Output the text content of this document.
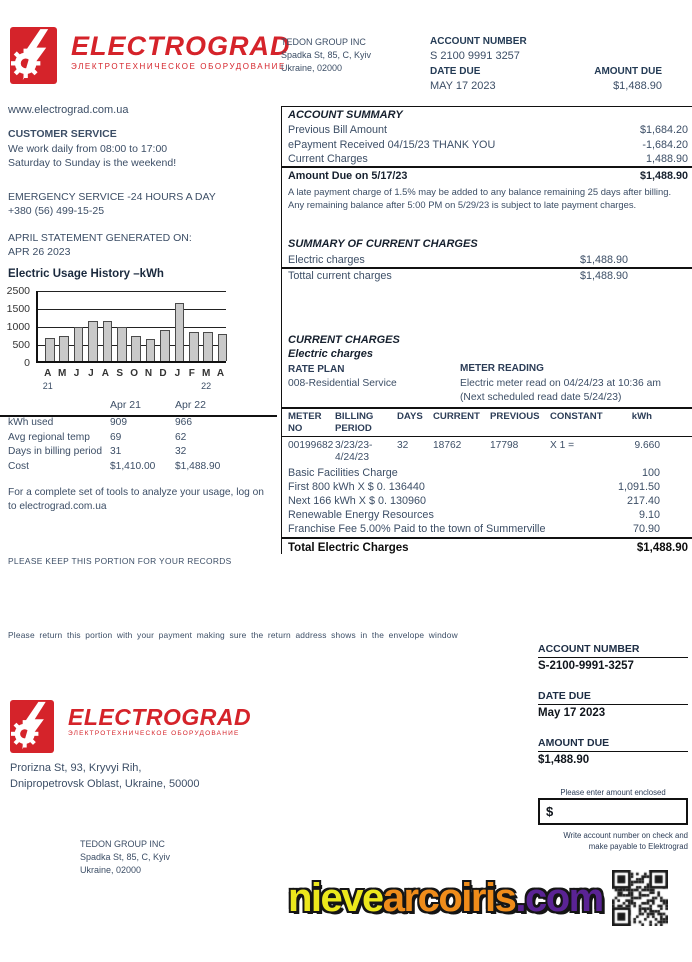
ELECTROGRAD
ЭЛЕКТРОТЕХНИЧЕСКОЕ ОБОРУДОВАНИЕ
TEDON GROUP INC
Spadka St, 85, C, Kyiv
Ukraine, 02000
ACCOUNT NUMBER
S 2100 9991 3257
DATE DUE	AMOUNT DUE
MAY 17 2023	$1,488.90
www.electrograd.com.ua
CUSTOMER SERVICE
We work daily from 08:00 to 17:00
Saturday to Sunday is the weekend!
EMERGENCY SERVICE -24 HOURS A DAY
+380 (56) 499-15-25
APRIL STATEMENT GENERATED ON:
APR 26 2023
Electric Usage History –kWh
2500
1500
1000
500
0
A M J J A S O N D J F M A
21	22
Apr 21	Apr 22
kWh used	909	966
Avg regional temp 69	62
Days in billing period 31	32
Cost	$1,410.00 $1,488.90
For a complete set of tools to analyze your usage, log on
to electrograd.com.ua
PLEASE KEEP THIS PORTION FOR YOUR RECORDS
ACCOUNT SUMMARY
Previous Bill Amount	$1,684.20
ePayment Received 04/15/23 THANK YOU	-1,684.20
Current Charges	1,488.90
Amount Due on 5/17/23	$1,488.90
A late payment charge of 1.5% may be added to any balance remaining 25 days after billing. Any remaining balance after 5:00 PM on 5/29/23 is subject to late payment charges.
SUMMARY OF CURRENT CHARGES
Electric charges	$1,488.90
Tottal current charges	$1,488.90
CURRENT CHARGES
Electric charges
RATE PLAN	METER READING
008-Residential Service	Electric meter read on 04/24/23 at 10:36 am
(Next scheduled read date 5/24/23)
METER NO
BILLING PERIOD
DAYS	CURRENT	PREVIOUS	CONSTANT	kWh
00199682 3/23/23-
4/24/23
32	18762	17798	X 1 =	9.660
Basic Facilities Charge	100
First 800 kWh X $ 0. 136440	1,091.50
Next 166 kWh X $ 0. 130960	217.40
Renewable Energy Resources	9.10
Franchise Fee 5.00% Paid to the town of Summerville	70.90
Total Electric Charges	$1,488.90
Please return this portion with your payment making sure the return address shows in the envelope window
ELECTROGRAD
ЭЛЕКТРОТЕХНИЧЕСКОЕ ОБОРУДОВАНИЕ
Prorizna St, 93, Kryvyi Rih,
Dnipropetrovsk Oblast, Ukraine, 50000
TEDON GROUP INC
Spadka St, 85, C, Kyiv
Ukraine, 02000
ACCOUNT NUMBER
S-2100-9991-3257
DATE DUE
May 17 2023
AMOUNT DUE
$1,488.90
Please enter amount enclosed
$
Write account number on check and
make payable to Elektrograd
nievearcoiris.com
